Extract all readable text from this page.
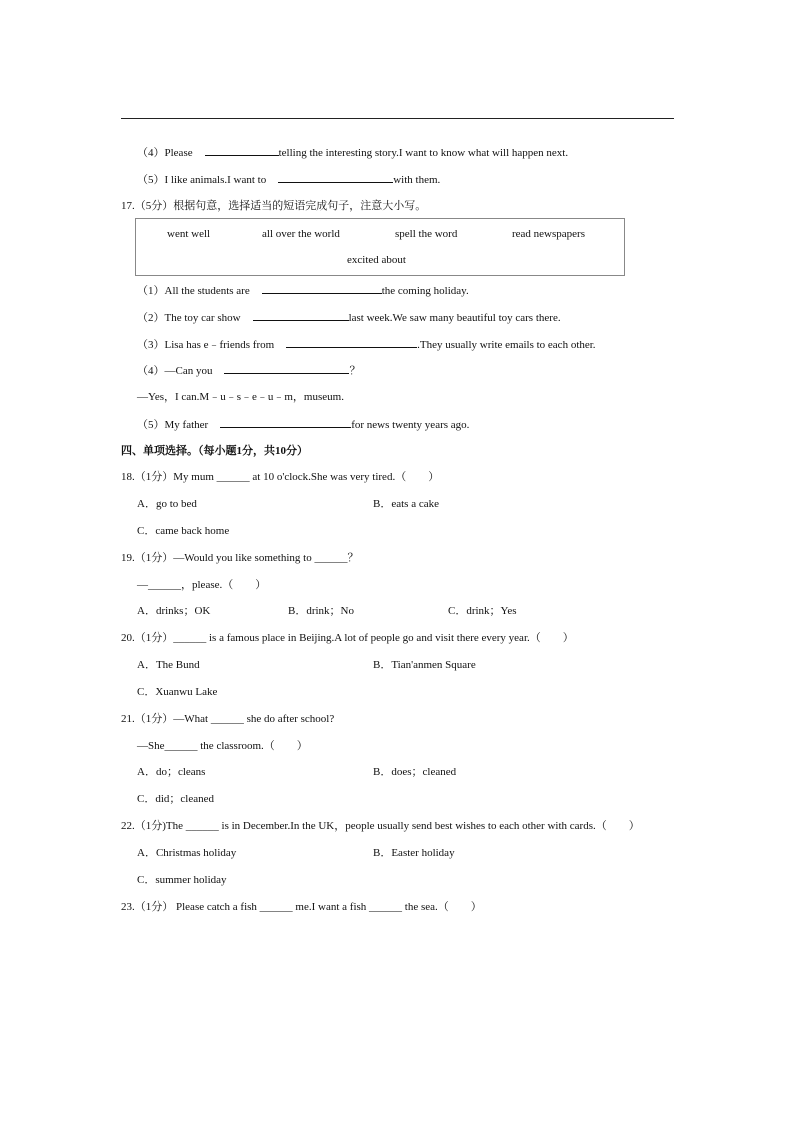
（4）Please	telling the interesting story.I want to know what will happen next.
（5）I like animals.I want to	with them.
17.（5分）根据句意，选择适当的短语完成句子，注意大小写。
went well	all over the world	spell the word	read newspapers
excited about
（1）All the students are	the coming holiday.
（2）The toy car show	last week.We saw many beautiful toy cars there.
（3）Lisa has e﹣friends from	.They usually write emails to each other.
（4）—Can you	？
—Yes，I can.M﹣u﹣s﹣e﹣u﹣m，museum.
（5）My father	for news twenty years ago.
四、单项选择。（每小题1分，共10分）
18.（1分）My mum ______ at 10 o'clock.She was very tired.（　　）
A．go to bed	B．eats a cake
C．came back home
19.（1分）—Would you like something to ______？
—______，please.（　　）
A．drinks；OK	B．drink；No	C．drink；Yes
20.（1分）______ is a famous place in Beijing.A lot of people go and visit there every year.（　　）
A．The Bund	B．Tian'anmen Square
C．Xuanwu Lake
21.（1分）—What ______ she do after school?
—She______ the classroom.（　　）
A．do；cleans	B．does；cleaned
C．did；cleaned
22.（1分)The ______ is in December.In the UK，people usually send best wishes to each other with cards.（　　）
A．Christmas holiday	B．Easter holiday
C．summer holiday
23.（1分） Please catch a fish ______ me.I want a fish ______ the sea.（　　）
